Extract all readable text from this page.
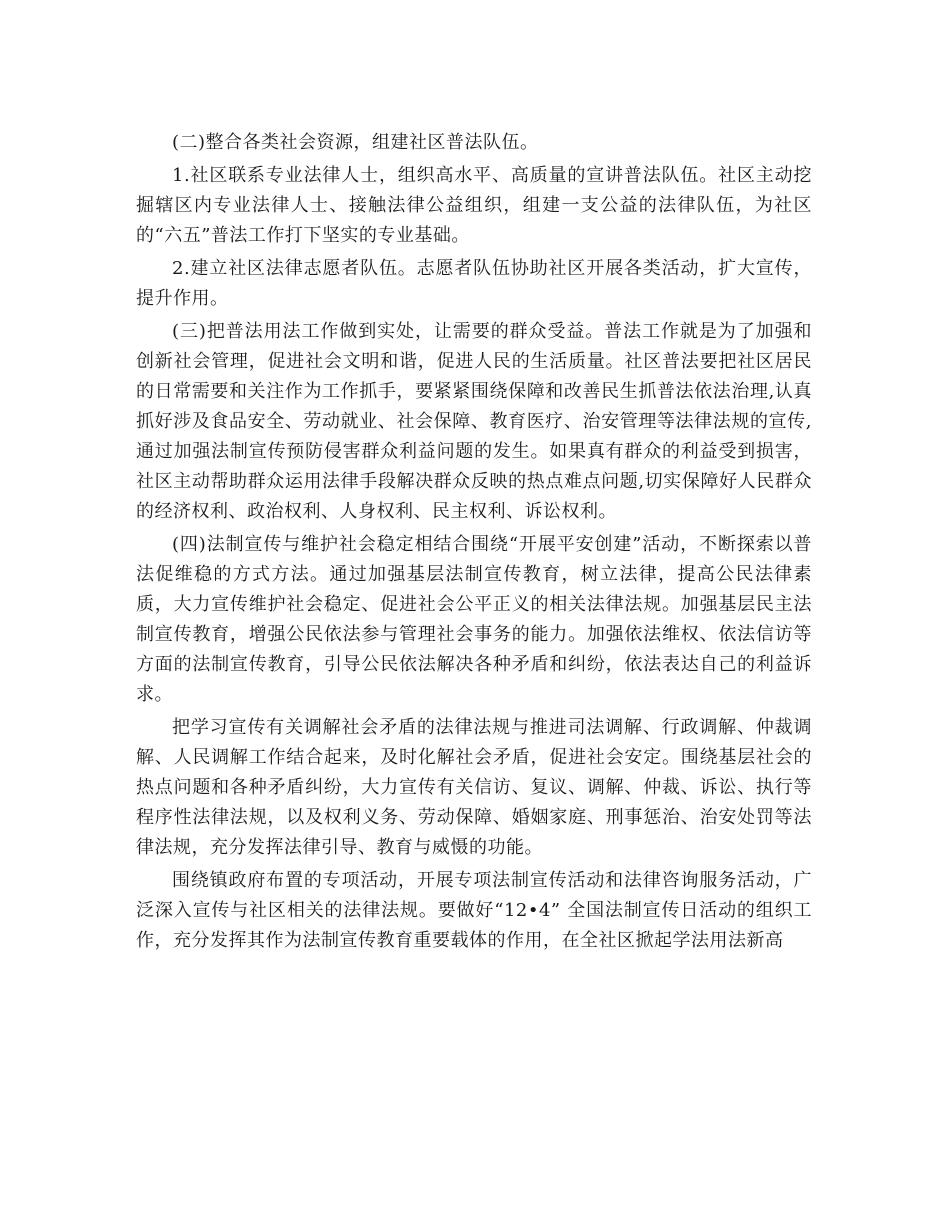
(二)整合各类社会资源，组建社区普法队伍。

1.社区联系专业法律人士，组织高水平、高质量的宣讲普法队伍。社区主动挖掘辖区内专业法律人士、接触法律公益组织，组建一支公益的法律队伍，为社区的“六五”普法工作打下坚实的专业基础。

2.建立社区法律志愿者队伍。志愿者队伍协助社区开展各类活动，扩大宣传，提升作用。

(三)把普法用法工作做到实处，让需要的群众受益。普法工作就是为了加强和创新社会管理，促进社会文明和谐，促进人民的生活质量。社区普法要把社区居民的日常需要和关注作为工作抓手，要紧紧围绕保障和改善民生抓普法依法治理,认真抓好涉及食品安全、劳动就业、社会保障、教育医疗、治安管理等法律法规的宣传,通过加强法制宣传预防侵害群众利益问题的发生。如果真有群众的利益受到损害，社区主动帮助群众运用法律手段解决群众反映的热点难点问题,切实保障好人民群众的经济权利、政治权利、人身权利、民主权利、诉讼权利。

(四)法制宣传与维护社会稳定相结合围绕“开展平安创建”活动，不断探索以普法促维稳的方式方法。通过加强基层法制宣传教育，树立法律，提高公民法律素质，大力宣传维护社会稳定、促进社会公平正义的相关法律法规。加强基层民主法制宣传教育，增强公民依法参与管理社会事务的能力。加强依法维权、依法信访等方面的法制宣传教育，引导公民依法解决各种矛盾和纠纷，依法表达自己的利益诉求。

把学习宣传有关调解社会矛盾的法律法规与推进司法调解、行政调解、仲裁调解、人民调解工作结合起来，及时化解社会矛盾，促进社会安定。围绕基层社会的热点问题和各种矛盾纠纷，大力宣传有关信访、复议、调解、仲裁、诉讼、执行等程序性法律法规，以及权利义务、劳动保障、婚姻家庭、刑事惩治、治安处罚等法律法规，充分发挥法律引导、教育与威慑的功能。

围绕镇政府布置的专项活动，开展专项法制宣传活动和法律咨询服务活动，广泛深入宣传与社区相关的法律法规。要做好“12•4” 全国法制宣传日活动的组织工作，充分发挥其作为法制宣传教育重要载体的作用，在全社区掀起学法用法新高
